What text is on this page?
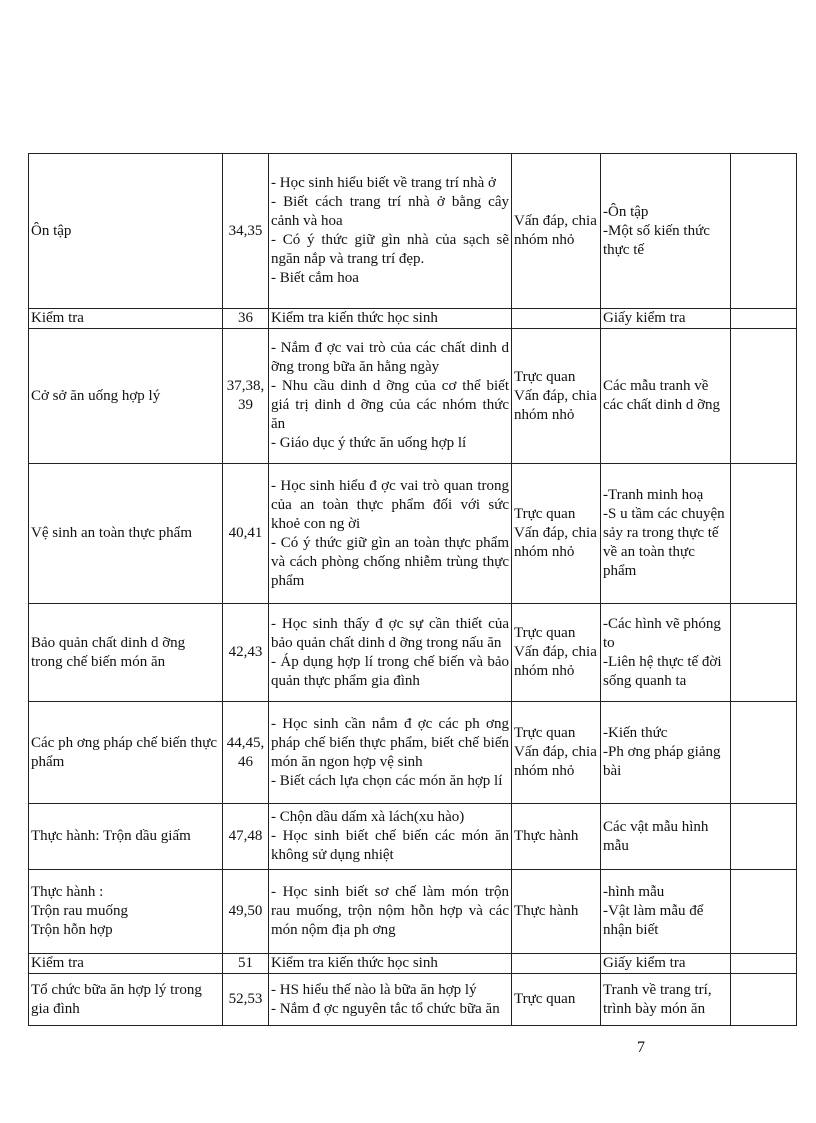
Ôn tập	34,35	- Học sinh hiểu biết về trang trí nhà ở
- Biết cách trang trí nhà ở bằng cây cảnh và hoa
- Có ý thức giữ gìn nhà của sạch sẽ ngăn nắp và trang trí đẹp.
- Biết cắm hoa	Vấn đáp, chia nhóm nhỏ	-Ôn tập
-Một số kiến thức thực tế	

Kiểm tra	36	Kiểm tra kiến thức học sinh		Giấy kiểm tra	

Cở sở ăn uống hợp lý	37,38,
39	- Nắm đ ợc vai trò của các chất dinh d ỡng trong bữa ăn hằng ngày
- Nhu cầu dinh d ỡng của cơ thể biết giá trị dinh d ỡng của các nhóm thức ăn
- Giáo dục ý thức ăn uống hợp lí	Trực quan
Vấn đáp, chia nhóm nhỏ	Các mẫu tranh về các chất dinh d ỡng	

Vệ sinh an toàn thực phẩm	40,41	- Học sinh hiểu đ ợc vai trò quan trong của an toàn thực phẩm đối với sức khoẻ con ng ời
- Có ý thức giữ gìn an toàn thực phẩm và cách phòng chống nhiễm trùng thực phẩm	Trực quan
Vấn đáp, chia nhóm nhỏ	-Tranh minh hoạ
-S u tầm các chuyện sảy ra trong thực tế về an toàn thực phẩm	

Bảo quản chất dinh d ỡng trong chế biến món ăn	42,43	- Học sinh thấy đ ợc sự cần thiết của bảo quản chất dinh d ỡng trong nấu ăn
- Áp dụng hợp lí trong chế biến và bảo quản thực phẩm gia đình	Trực quan
Vấn đáp, chia nhóm nhỏ	-Các hình vẽ phóng to
-Liên hệ thực tế đời sống quanh ta	

Các ph ơng pháp chế biến thực phẩm	44,45,
46	- Học sinh cần nắm đ ợc các ph ơng pháp chế biến thực phẩm, biết chế biến món ăn ngon hợp vệ sinh
- Biết cách lựa chọn các món ăn hợp lí	Trực quan
Vấn đáp, chia nhóm nhỏ	-Kiến thức
-Ph ơng pháp giảng bài	

Thực hành: Trộn dầu giấm	47,48	- Chộn dầu dấm xà lách(xu hào)
- Học sinh biết chế biến các món ăn không sử dụng nhiệt	Thực hành	Các vật mẫu hình mẫu	

Thực hành :
Trộn rau muống
Trộn hỗn hợp	49,50	- Học sinh biết sơ chế làm món trộn rau muống, trộn nộm hỗn hợp và các món nộm địa ph ơng	Thực hành	-hình mẫu
-Vật làm mẫu để nhận biết	

Kiểm tra	51	Kiểm tra kiến thức học sinh		Giấy kiểm tra	

Tổ chức bữa ăn hợp lý trong gia đình	52,53	- HS hiểu thế nào là bữa ăn hợp lý
- Nắm đ ợc nguyên tắc tổ chức bữa ăn	Trực quan	Tranh về trang trí, trình bày món ăn	

7
